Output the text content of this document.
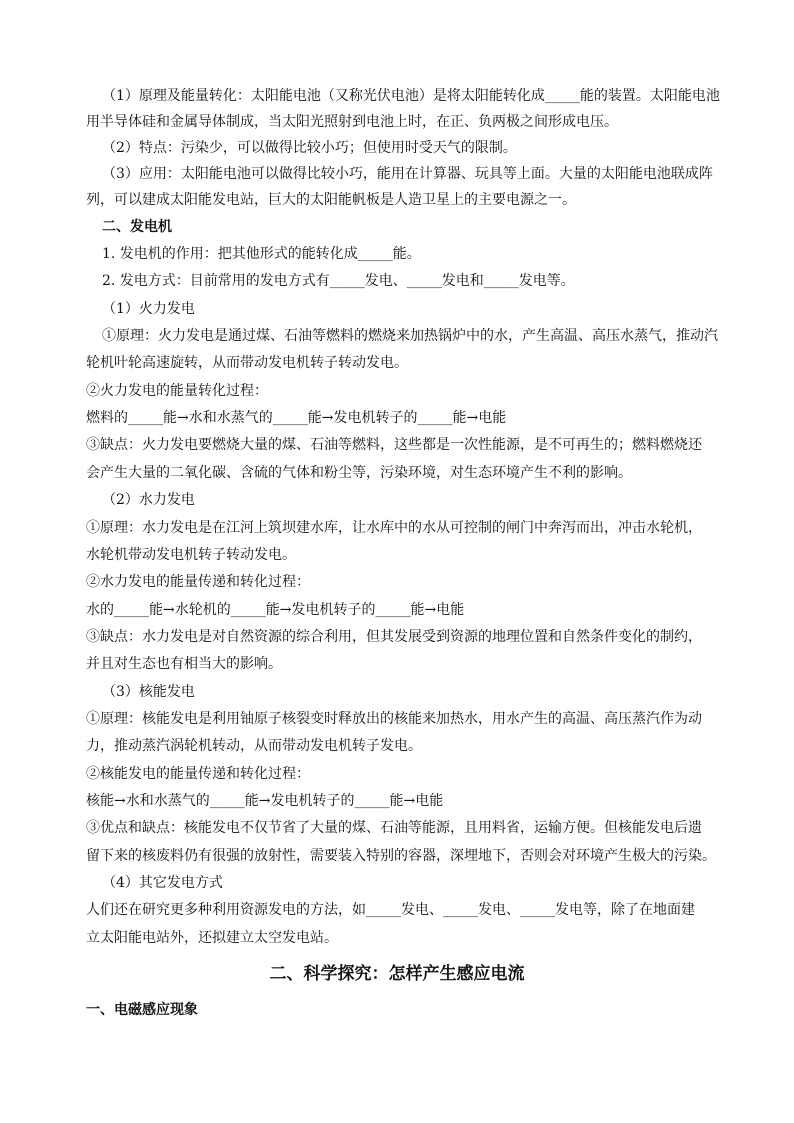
（1）原理及能量转化：太阳能电池（又称光伏电池）是将太阳能转化成_____能的装置。太阳能电池
用半导体硅和金属导体制成，当太阳光照射到电池上时，在正、负两极之间形成电压。
（2）特点：污染少，可以做得比较小巧；但使用时受天气的限制。
（3）应用：太阳能电池可以做得比较小巧，能用在计算器、玩具等上面。大量的太阳能电池联成阵
列，可以建成太阳能发电站，巨大的太阳能帆板是人造卫星上的主要电源之一。
二、发电机
1. 发电机的作用：把其他形式的能转化成_____能。
2. 发电方式：目前常用的发电方式有_____发电、_____发电和_____发电等。
（1）火力发电
①原理：火力发电是通过煤、石油等燃料的燃烧来加热锅炉中的水，产生高温、高压水蒸气，推动汽
轮机叶轮高速旋转，从而带动发电机转子转动发电。
②火力发电的能量转化过程：
燃料的_____能→水和水蒸气的_____能→发电机转子的_____能→电能
③缺点：火力发电要燃烧大量的煤、石油等燃料，这些都是一次性能源，是不可再生的；燃料燃烧还
会产生大量的二氧化碳、含硫的气体和粉尘等，污染环境，对生态环境产生不利的影响。
（2）水力发电
①原理：水力发电是在江河上筑坝建水库，让水库中的水从可控制的闸门中奔泻而出，冲击水轮机，
水轮机带动发电机转子转动发电。
②水力发电的能量传递和转化过程：
水的_____能→水轮机的_____能→发电机转子的_____能→电能
③缺点：水力发电是对自然资源的综合利用，但其发展受到资源的地理位置和自然条件变化的制约，
并且对生态也有相当大的影响。
（3）核能发电
①原理：核能发电是利用铀原子核裂变时释放出的核能来加热水，用水产生的高温、高压蒸汽作为动
力，推动蒸汽涡轮机转动，从而带动发电机转子发电。
②核能发电的能量传递和转化过程：
核能→水和水蒸气的_____能→发电机转子的_____能→电能
③优点和缺点：核能发电不仅节省了大量的煤、石油等能源，且用料省，运输方便。但核能发电后遗
留下来的核废料仍有很强的放射性，需要装入特别的容器，深埋地下，否则会对环境产生极大的污染。
（4）其它发电方式
人们还在研究更多种利用资源发电的方法，如_____发电、_____发电、_____发电等，除了在地面建
立太阳能电站外，还拟建立太空发电站。
二、科学探究：怎样产生感应电流
一、电磁感应现象
